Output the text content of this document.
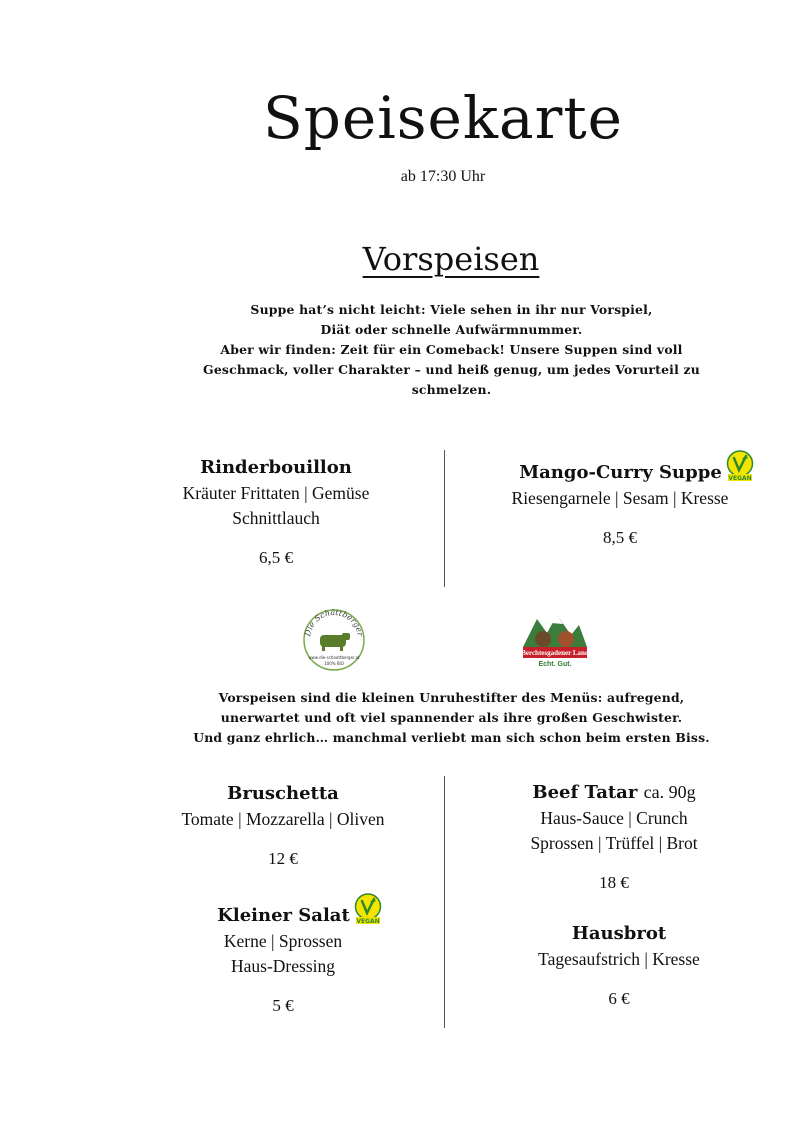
Speisekarte
ab 17:30 Uhr
Vorspeisen
Suppe hat’s nicht leicht: Viele sehen in ihr nur Vorspiel,
Diät oder schnelle Aufwärmnummer.
Aber wir finden: Zeit für ein Comeback! Unsere Suppen sind voll
Geschmack, voller Charakter – und heiß genug, um jedes Vorurteil zu
schmelzen.
Rinderbouillon
Kräuter Frittaten | Gemüse
Schnittlauch
6,5 €
Mango-Curry Suppe VEGAN
Riesengarnele | Sesam | Kresse
8,5 €
Die Schättberger
www.die-schaettberger.at
100% BIO
Berchtesgadener Land
Echt. Gut.
Vorspeisen sind die kleinen Unruhestifter des Menüs: aufregend,
unerwartet und oft viel spannender als ihre großen Geschwister.
Und ganz ehrlich… manchmal verliebt man sich schon beim ersten Biss.
Bruschetta
Tomate | Mozzarella | Oliven
12 €
Beef Tatar ca. 90g
Haus-Sauce | Crunch
Sprossen | Trüffel | Brot
18 €
Kleiner Salat VEGAN
Kerne | Sprossen
Haus-Dressing
5 €
Hausbrot
Tagesaufstrich | Kresse
6 €
